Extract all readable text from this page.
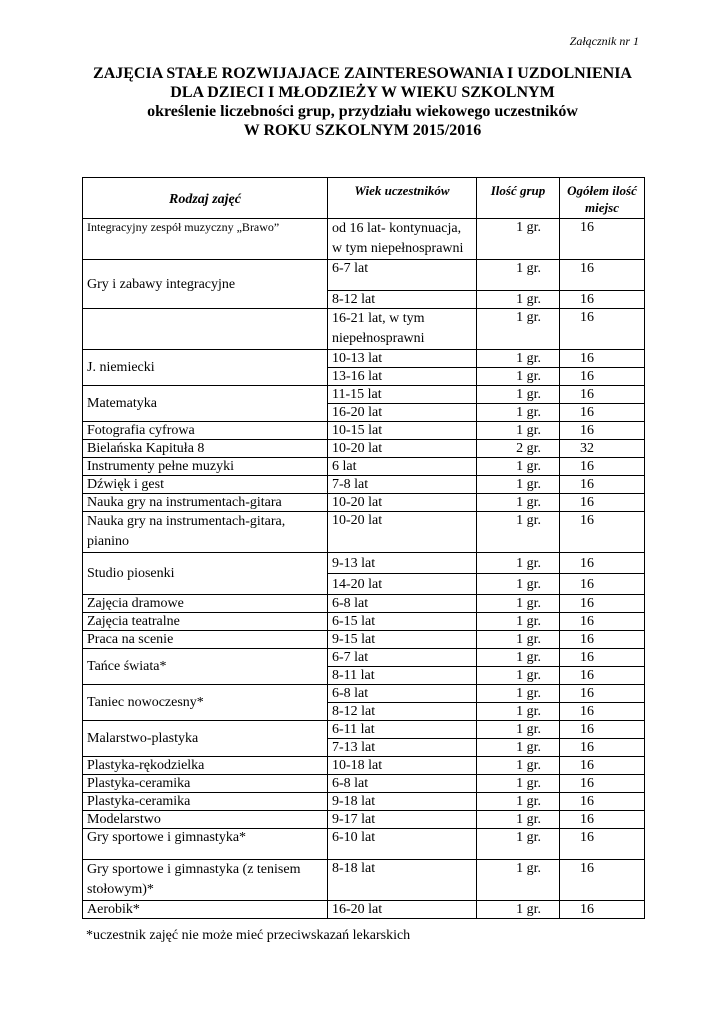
Załącznik nr 1
ZAJĘCIA STAŁE ROZWIJAJACE ZAINTERESOWANIA I UZDOLNIENIA
DLA DZIECI I MŁODZIEŻY W WIEKU SZKOLNYM
określenie liczebności grup, przydziału wiekowego uczestników
W ROKU SZKOLNYM 2015/2016
Rodzaj zajęć	Wiek uczestników	Ilość grup	Ogółem ilość miejsc
Integracyjny zespół muzyczny „Brawo”	od 16 lat- kontynuacja, w tym niepełnosprawni	1 gr.	16
Gry i zabawy integracyjne	6-7 lat	1 gr.	16
	8-12 lat	1 gr.	16
	16-21 lat, w tym niepełnosprawni	1 gr.	16
J. niemiecki	10-13 lat	1 gr.	16
	13-16 lat	1 gr.	16
Matematyka	11-15 lat	1 gr.	16
	16-20 lat	1 gr.	16
Fotografia cyfrowa	10-15 lat	1 gr.	16
Bielańska Kapituła 8	10-20 lat	2 gr.	32
Instrumenty pełne muzyki	6 lat	1 gr.	16
Dźwięk i gest	7-8 lat	1 gr.	16
Nauka gry na instrumentach-gitara	10-20 lat	1 gr.	16
Nauka gry na instrumentach-gitara, pianino	10-20 lat	1 gr.	16
Studio piosenki	9-13 lat	1 gr.	16
	14-20 lat	1 gr.	16
Zajęcia dramowe	6-8 lat	1 gr.	16
Zajęcia teatralne	6-15 lat	1 gr.	16
Praca na scenie	9-15 lat	1 gr.	16
Tańce świata*	6-7 lat	1 gr.	16
	8-11 lat	1 gr.	16
Taniec nowoczesny*	6-8 lat	1 gr.	16
	8-12 lat	1 gr.	16
Malarstwo-plastyka	6-11 lat	1 gr.	16
	7-13 lat	1 gr.	16
Plastyka-rękodzielka	10-18 lat	1 gr.	16
Plastyka-ceramika	6-8 lat	1 gr.	16
Plastyka-ceramika	9-18 lat	1 gr.	16
Modelarstwo	9-17 lat	1 gr.	16
Gry sportowe i gimnastyka*	6-10 lat	1 gr.	16
Gry sportowe i gimnastyka (z tenisem stołowym)*	8-18 lat	1 gr.	16
Aerobik*	16-20 lat	1 gr.	16
*uczestnik zajęć nie może mieć przeciwskazań lekarskich
